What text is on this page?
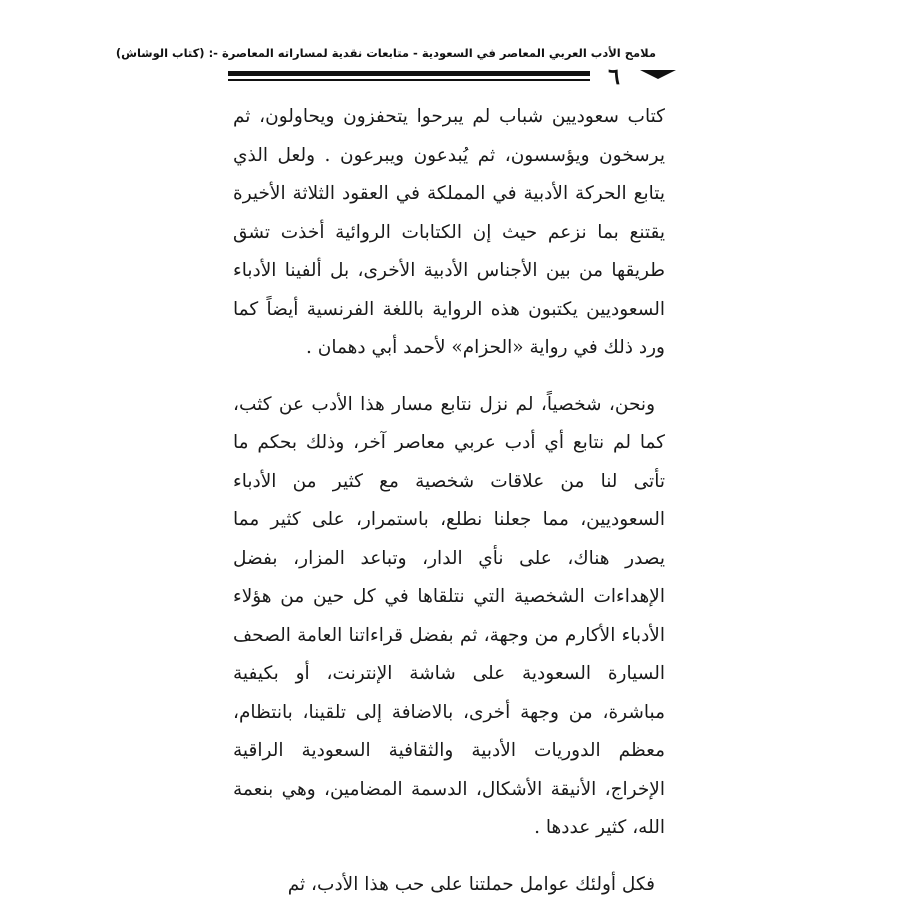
ملامح الأدب العربي المعاصر في السعودية - متابعات نقدية لمساراته المعاصرة -: (كتاب الوشاش)
٦

كتاب سعوديين شباب لم يبرحوا يتحفزون ويحاولون، ثم يرسخون ويؤسسون، ثم يُبدعون ويبرعون . ولعل الذي يتابع الحركة الأدبية في المملكة في العقود الثلاثة الأخيرة يقتنع بما نزعم حيث إن الكتابات الروائية أخذت تشق طريقها من بين الأجناس الأدبية الأخرى، بل ألفينا الأدباء السعوديين يكتبون هذه الرواية باللغة الفرنسية أيضاً كما ورد ذلك في رواية «الحزام» لأحمد أبي دهمان .

ونحن، شخصياً، لم نزل نتابع مسار هذا الأدب عن كثب، كما لم نتابع أي أدب عربي معاصر آخر، وذلك بحكم ما تأتى لنا من علاقات شخصية مع كثير من الأدباء السعوديين، مما جعلنا نطلع، باستمرار، على كثير مما يصدر هناك، على نأي الدار، وتباعد المزار، بفضل الإهداءات الشخصية التي نتلقاها في كل حين من هؤلاء الأدباء الأكارم من وجهة، ثم بفضل قراءاتنا العامة الصحف السيارة السعودية على شاشة الإنترنت، أو بكيفية مباشرة، من وجهة أخرى، بالاضافة إلى تلقينا، بانتظام، معظم الدوريات الأدبية والثقافية السعودية الراقية الإخراج، الأنيقة الأشكال، الدسمة المضامين، وهي بنعمة الله، كثير عددها .

فكل أولئك عوامل حملتنا على حب هذا الأدب، ثم
